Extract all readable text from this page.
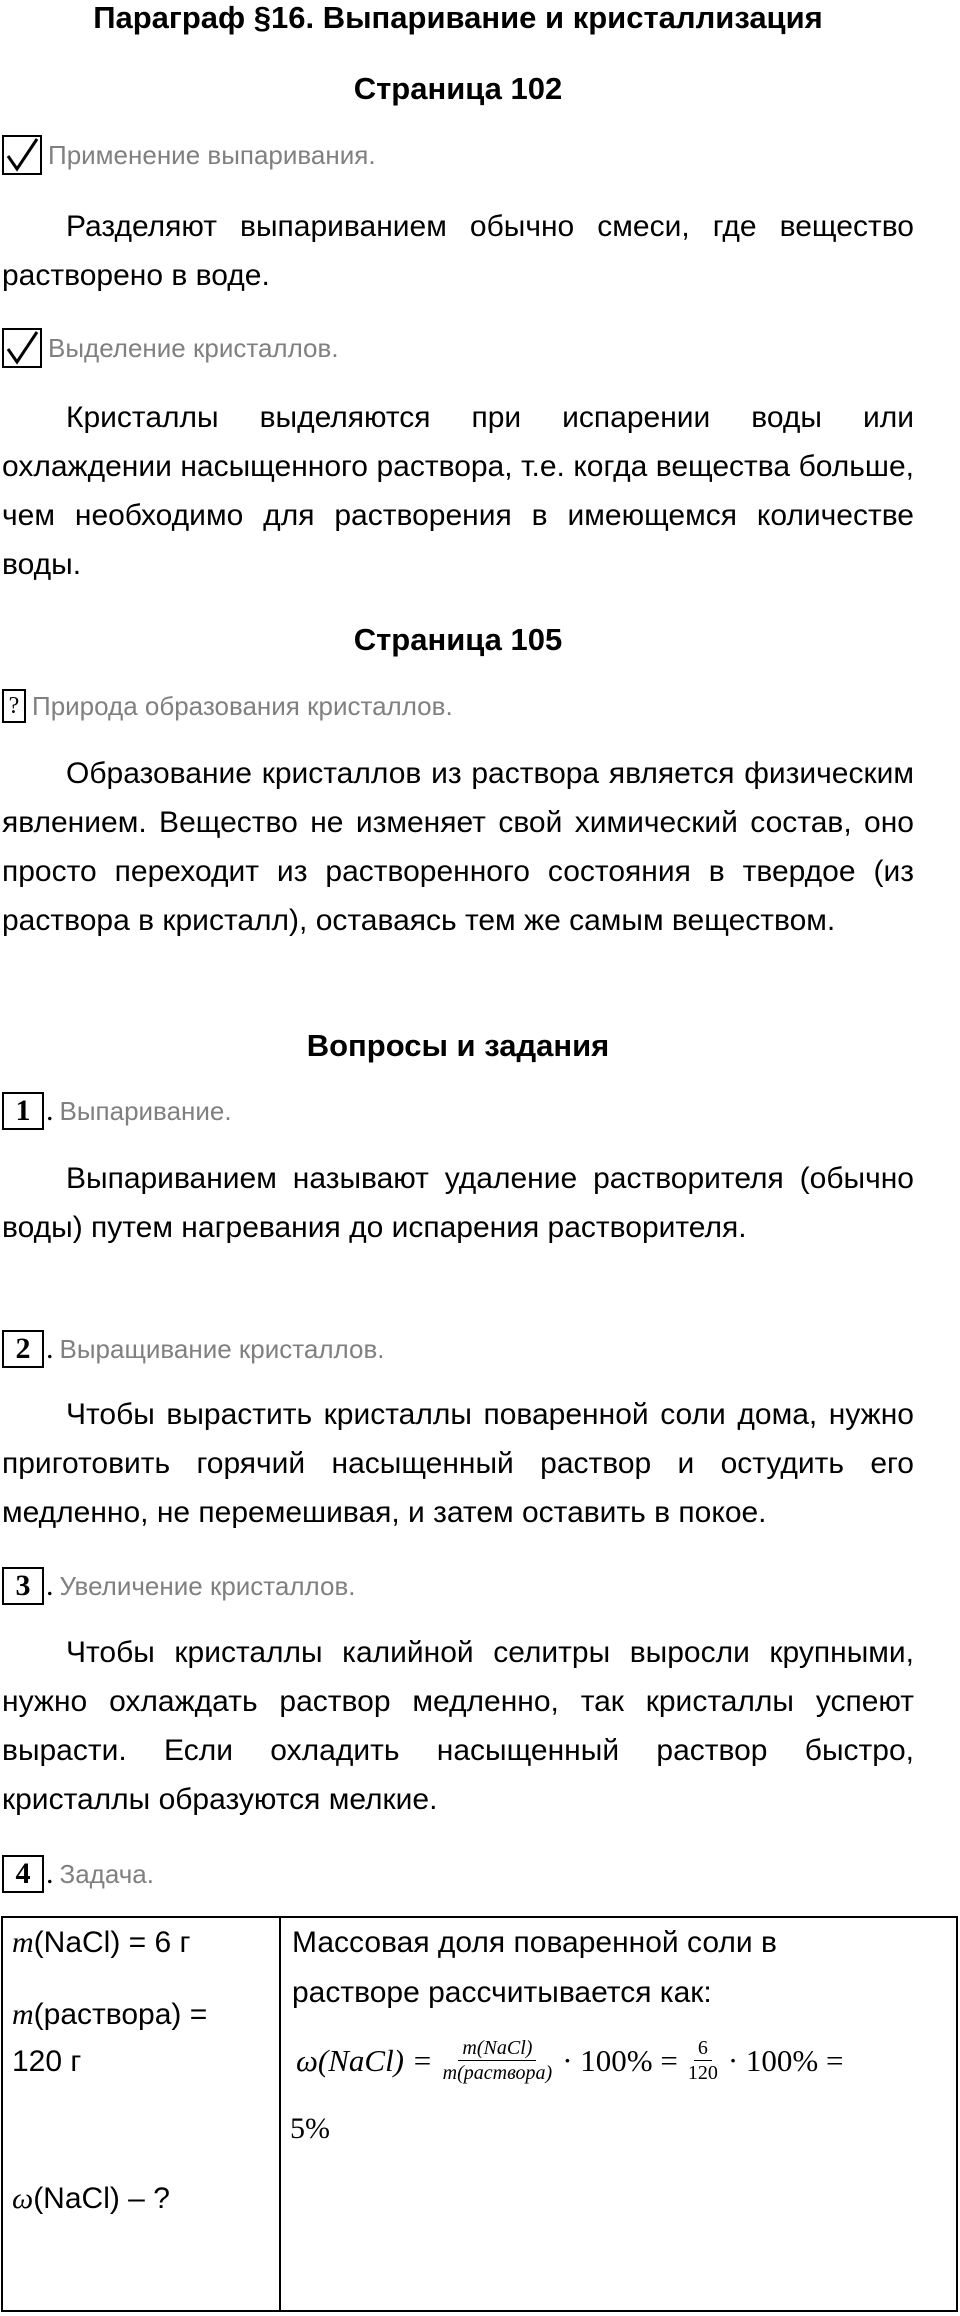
Параграф §16. Выпаривание и кристаллизация
Страница 102
Применение выпаривания.
Разделяют выпариванием обычно смеси, где вещество растворено в воде.
Выделение кристаллов.
Кристаллы выделяются при испарении воды или охлаждении насыщенного раствора, т.е. когда вещества больше, чем необходимо для растворения в имеющемся количестве воды.
Страница 105
? Природа образования кристаллов.
Образование кристаллов из раствора является физическим явлением. Вещество не изменяет свой химический состав, оно просто переходит из растворенного состояния в твердое (из раствора в кристалл), оставаясь тем же самым веществом.
Вопросы и задания
1 . Выпаривание.
Выпариванием называют удаление растворителя (обычно воды) путем нагревания до испарения растворителя.
2 . Выращивание кристаллов.
Чтобы вырастить кристаллы поваренной соли дома, нужно приготовить горячий насыщенный раствор и остудить его медленно, не перемешивая, и затем оставить в покое.
3 . Увеличение кристаллов.
Чтобы кристаллы калийной селитры выросли крупными, нужно охлаждать раствор медленно, так кристаллы успеют вырасти. Если охладить насыщенный раствор быстро, кристаллы образуются мелкие.
4 . Задача.
m(NaCl) = 6 г
m(раствора) =
120 г
ω(NaCl) – ?
Массовая доля поваренной соли в
растворе рассчитывается как:
ω(NaCl) = $\frac{\text{m(NaCl)}}{\text{m(раствора)}} \cdot 100\% = \frac{6}{120} \cdot 100\%$ =
5%
